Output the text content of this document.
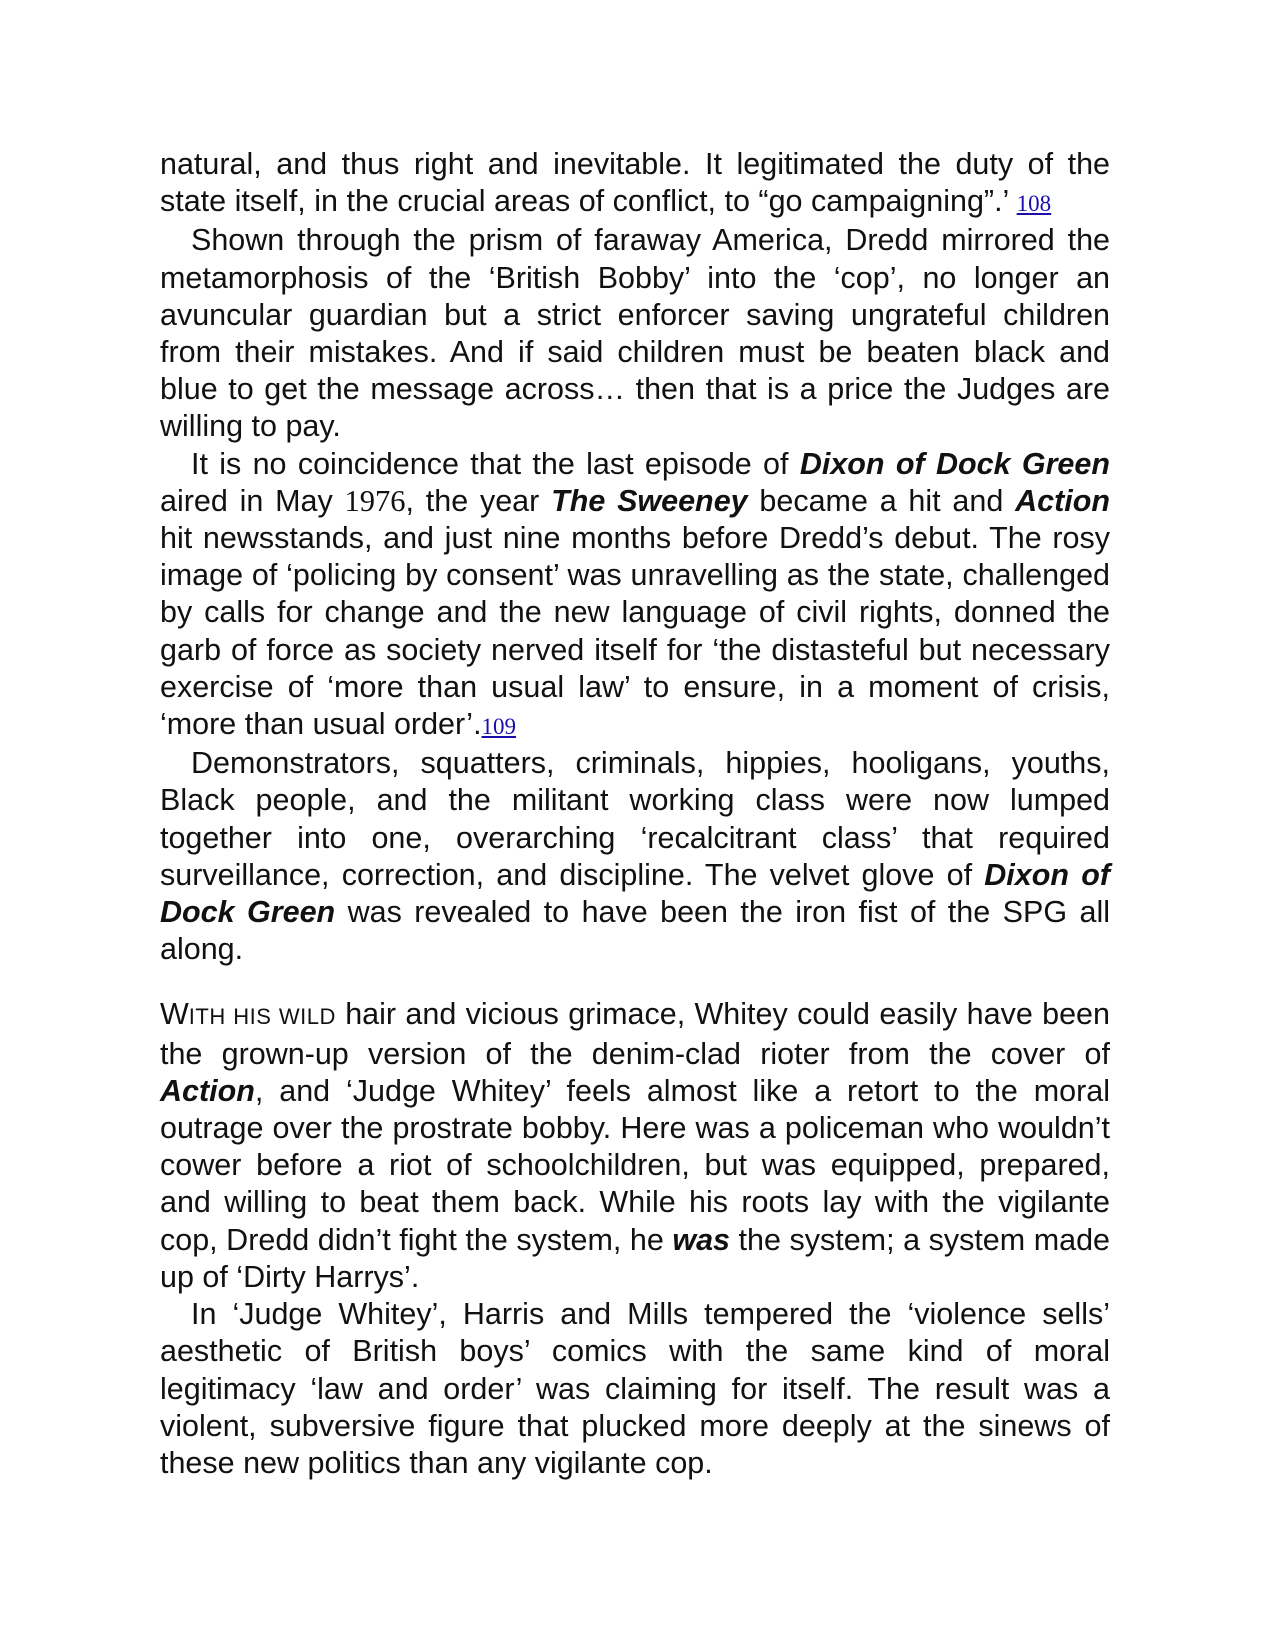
natural, and thus right and inevitable. It legitimated the duty of the state itself, in the crucial areas of conflict, to “go campaigning”.’ 108

Shown through the prism of faraway America, Dredd mirrored the metamorphosis of the ‘British Bobby’ into the ‘cop’, no longer an avuncular guardian but a strict enforcer saving ungrateful children from their mistakes. And if said children must be beaten black and blue to get the message across… then that is a price the Judges are willing to pay.

It is no coincidence that the last episode of Dixon of Dock Green aired in May 1976, the year The Sweeney became a hit and Action hit newsstands, and just nine months before Dredd’s debut. The rosy image of ‘policing by consent’ was unravelling as the state, challenged by calls for change and the new language of civil rights, donned the garb of force as society nerved itself for ‘the distasteful but necessary exercise of ‘more than usual law’ to ensure, in a moment of crisis, ‘more than usual order’.109

Demonstrators, squatters, criminals, hippies, hooligans, youths, Black people, and the militant working class were now lumped together into one, overarching ‘recalcitrant class’ that required surveillance, correction, and discipline. The velvet glove of Dixon of Dock Green was revealed to have been the iron fist of the SPG all along.

WITH HIS WILD hair and vicious grimace, Whitey could easily have been the grown-up version of the denim-clad rioter from the cover of Action, and ‘Judge Whitey’ feels almost like a retort to the moral outrage over the prostrate bobby. Here was a policeman who wouldn’t cower before a riot of schoolchildren, but was equipped, prepared, and willing to beat them back. While his roots lay with the vigilante cop, Dredd didn’t fight the system, he was the system; a system made up of ‘Dirty Harrys’.

In ‘Judge Whitey’, Harris and Mills tempered the ‘violence sells’ aesthetic of British boys’ comics with the same kind of moral legitimacy ‘law and order’ was claiming for itself. The result was a violent, subversive figure that plucked more deeply at the sinews of these new politics than any vigilante cop.
